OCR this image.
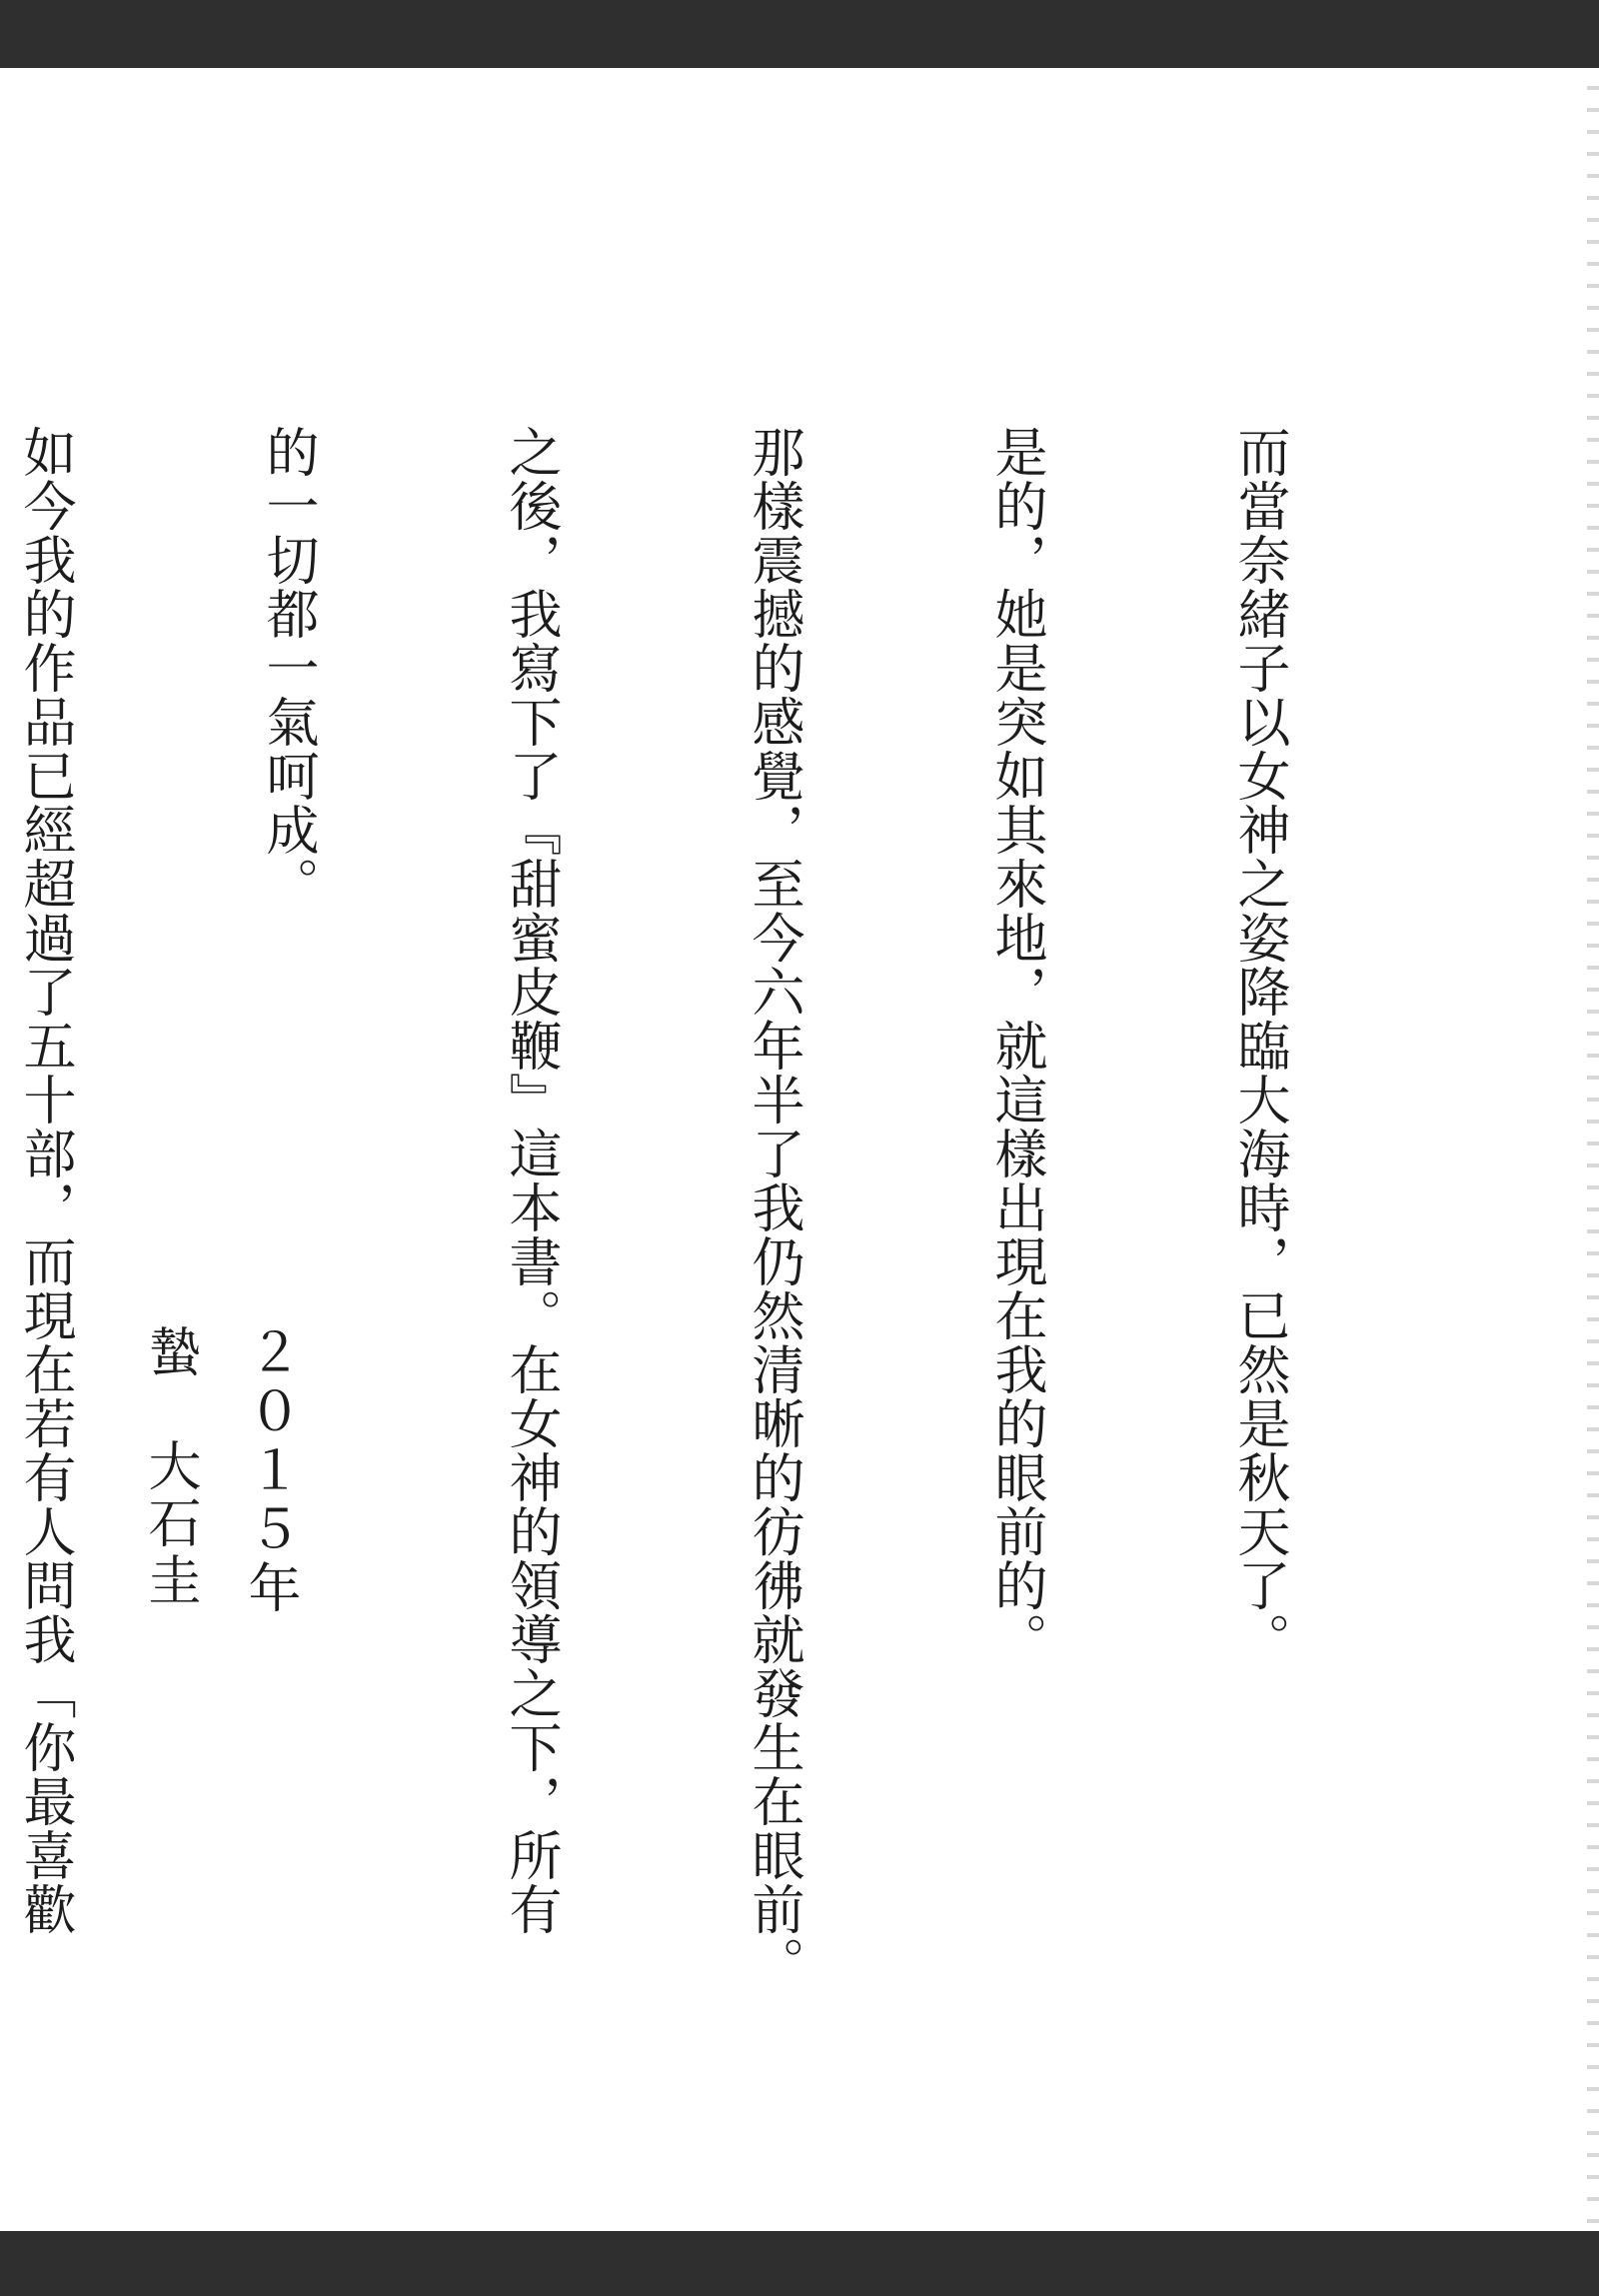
而當奈緒子以女神之姿降臨大海時，已然是秋天了。

是的，她是突如其來地，就這樣出現在我的眼前的。

那樣震撼的感覺，至今六年半了我仍然清晰的彷彿就發生在眼前。

之後，我寫下了『甜蜜皮鞭』這本書。在女神的領導之下，所有

的一切都一氣呵成。

如今我的作品已經超過了五十部，而現在若有人問我「你最喜歡

	２０１５年
蟄　大石圭
